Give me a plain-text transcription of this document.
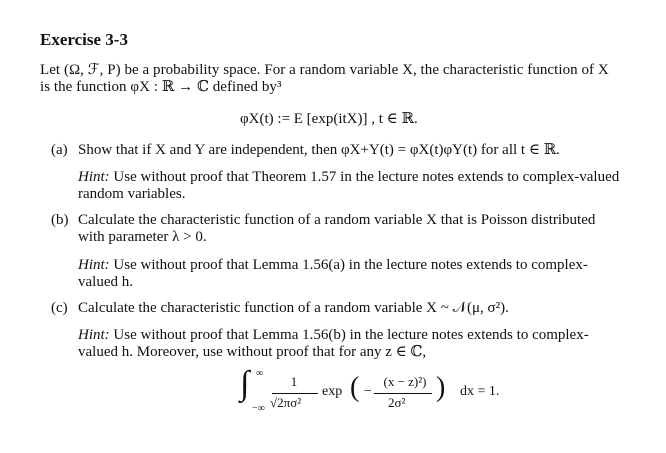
Exercise 3-3
Let (Ω, ℱ, P) be a probability space. For a random variable X, the characteristic function of X
is the function φX : ℝ → ℂ defined by³
φX(t) := E [exp(itX)] , t ∈ ℝ.
(a) Show that if X and Y are independent, then φX+Y(t) = φX(t)φY(t) for all t ∈ ℝ.
Hint: Use without proof that Theorem 1.57 in the lecture notes extends to complex-valued
random variables.
(b) Calculate the characteristic function of a random variable X that is Poisson distributed
with parameter λ > 0.
Hint: Use without proof that Lemma 1.56(a) in the lecture notes extends to complex-
valued h.
(c) Calculate the characteristic function of a random variable X ~ 𝒩(μ, σ²).
Hint: Use without proof that Lemma 1.56(b) in the lecture notes extends to complex-
valued h. Moreover, use without proof that for any z ∈ ℂ,
∫ ∞
−∞
1
√2πσ²
exp ( −
(x − z)²)
2σ² ) dx = 1.
